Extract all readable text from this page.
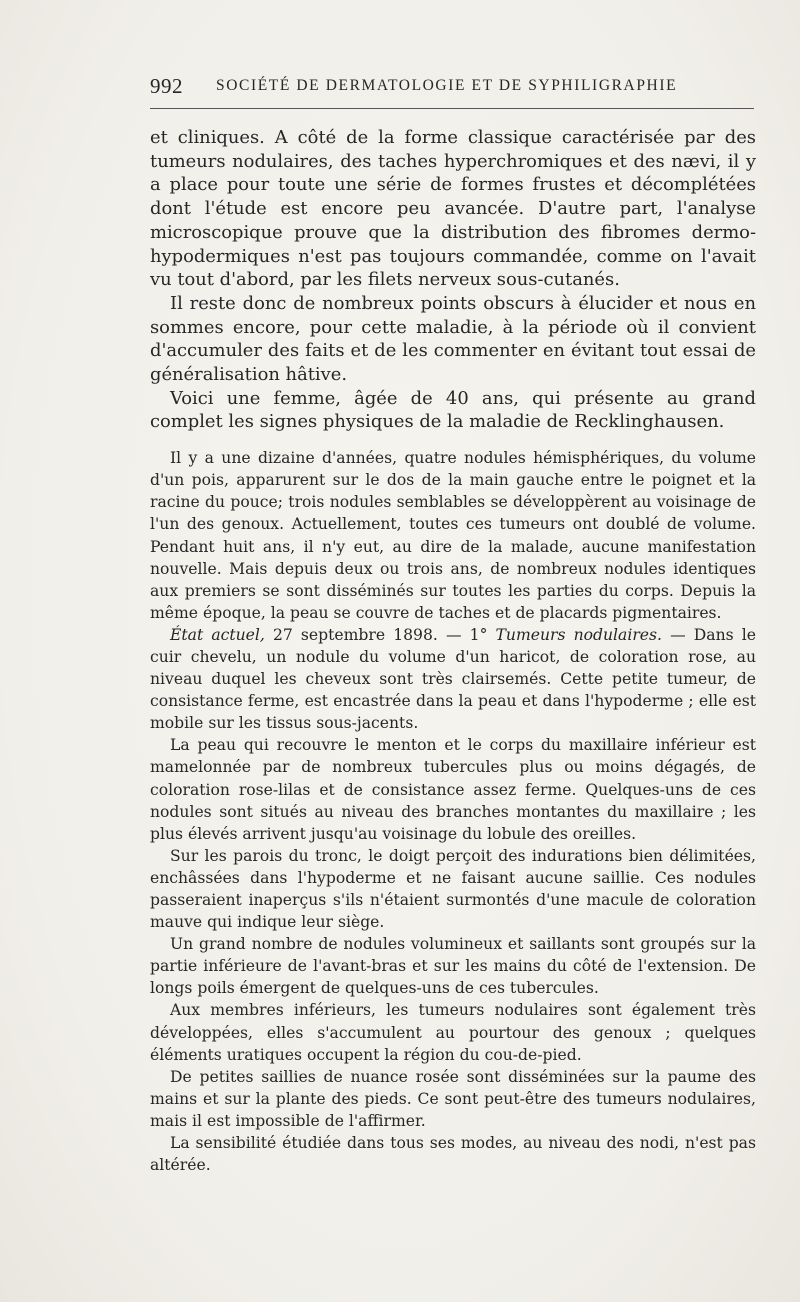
992 SOCIÉTÉ DE DERMATOLOGIE ET DE SYPHILIGRAPHIE

et cliniques. A côté de la forme classique caractérisée par des tumeurs nodulaires, des taches hyperchromiques et des nævi, il y a place pour toute une série de formes frustes et décomplétées dont l'étude est encore peu avancée. D'autre part, l'analyse microscopique prouve que la distribution des fibromes dermo-hypodermiques n'est pas toujours commandée, comme on l'avait vu tout d'abord, par les filets nerveux sous-cutanés.

Il reste donc de nombreux points obscurs à élucider et nous en sommes encore, pour cette maladie, à la période où il convient d'accumuler des faits et de les commenter en évitant tout essai de généralisation hâtive.

Voici une femme, âgée de 40 ans, qui présente au grand complet les signes physiques de la maladie de Recklinghausen.

Il y a une dizaine d'années, quatre nodules hémisphériques, du volume d'un pois, apparurent sur le dos de la main gauche entre le poignet et la racine du pouce; trois nodules semblables se développèrent au voisinage de l'un des genoux. Actuellement, toutes ces tumeurs ont doublé de volume. Pendant huit ans, il n'y eut, au dire de la malade, aucune manifestation nouvelle. Mais depuis deux ou trois ans, de nombreux nodules identiques aux premiers se sont disséminés sur toutes les parties du corps. Depuis la même époque, la peau se couvre de taches et de placards pigmentaires.

État actuel, 27 septembre 1898. — 1° Tumeurs nodulaires. — Dans le cuir chevelu, un nodule du volume d'un haricot, de coloration rose, au niveau duquel les cheveux sont très clairsemés. Cette petite tumeur, de consistance ferme, est encastrée dans la peau et dans l'hypoderme ; elle est mobile sur les tissus sous-jacents.

La peau qui recouvre le menton et le corps du maxillaire inférieur est mamelonnée par de nombreux tubercules plus ou moins dégagés, de coloration rose-lilas et de consistance assez ferme. Quelques-uns de ces nodules sont situés au niveau des branches montantes du maxillaire ; les plus élevés arrivent jusqu'au voisinage du lobule des oreilles.

Sur les parois du tronc, le doigt perçoit des indurations bien délimitées, enchâssées dans l'hypoderme et ne faisant aucune saillie. Ces nodules passeraient inaperçus s'ils n'étaient surmontés d'une macule de coloration mauve qui indique leur siège.

Un grand nombre de nodules volumineux et saillants sont groupés sur la partie inférieure de l'avant-bras et sur les mains du côté de l'extension. De longs poils émergent de quelques-uns de ces tubercules.

Aux membres inférieurs, les tumeurs nodulaires sont également très développées, elles s'accumulent au pourtour des genoux ; quelques éléments uratiques occupent la région du cou-de-pied.

De petites saillies de nuance rosée sont disséminées sur la paume des mains et sur la plante des pieds. Ce sont peut-être des tumeurs nodulaires, mais il est impossible de l'affirmer.

La sensibilité étudiée dans tous ses modes, au niveau des nodi, n'est pas altérée.
